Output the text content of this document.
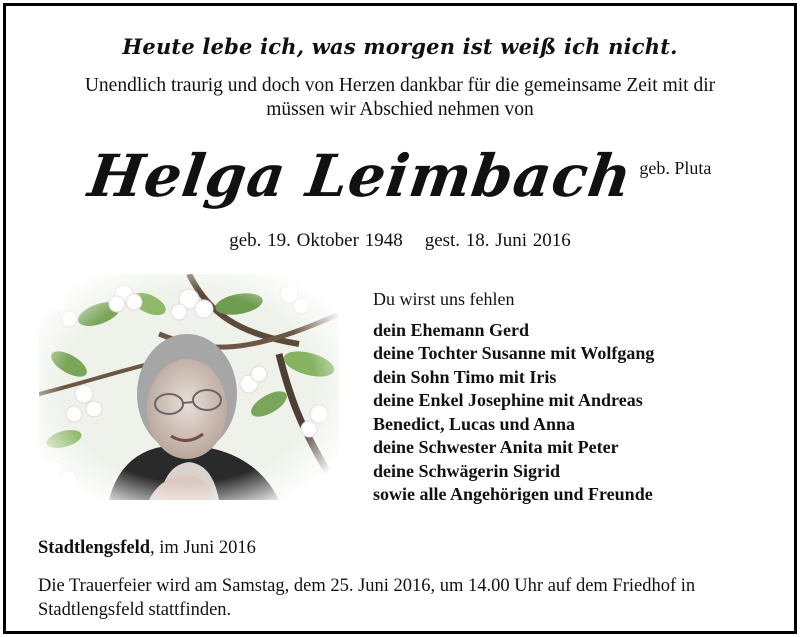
Heute lebe ich, was morgen ist weiß ich nicht.
Unendlich traurig und doch von Herzen dankbar für die gemeinsame Zeit mit dir
müssen wir Abschied nehmen von
Helga Leimbach geb. Pluta
geb. 19. Oktober 1948 gest. 18. Juni 2016
Du wirst uns fehlen
dein Ehemann Gerd
deine Tochter Susanne mit Wolfgang
dein Sohn Timo mit Iris
deine Enkel Josephine mit Andreas
Benedict, Lucas und Anna
deine Schwester Anita mit Peter
deine Schwägerin Sigrid
sowie alle Angehörigen und Freunde
Stadtlengsfeld, im Juni 2016
Die Trauerfeier wird am Samstag, dem 25. Juni 2016, um 14.00 Uhr auf dem Friedhof in
Stadtlengsfeld stattfinden.
